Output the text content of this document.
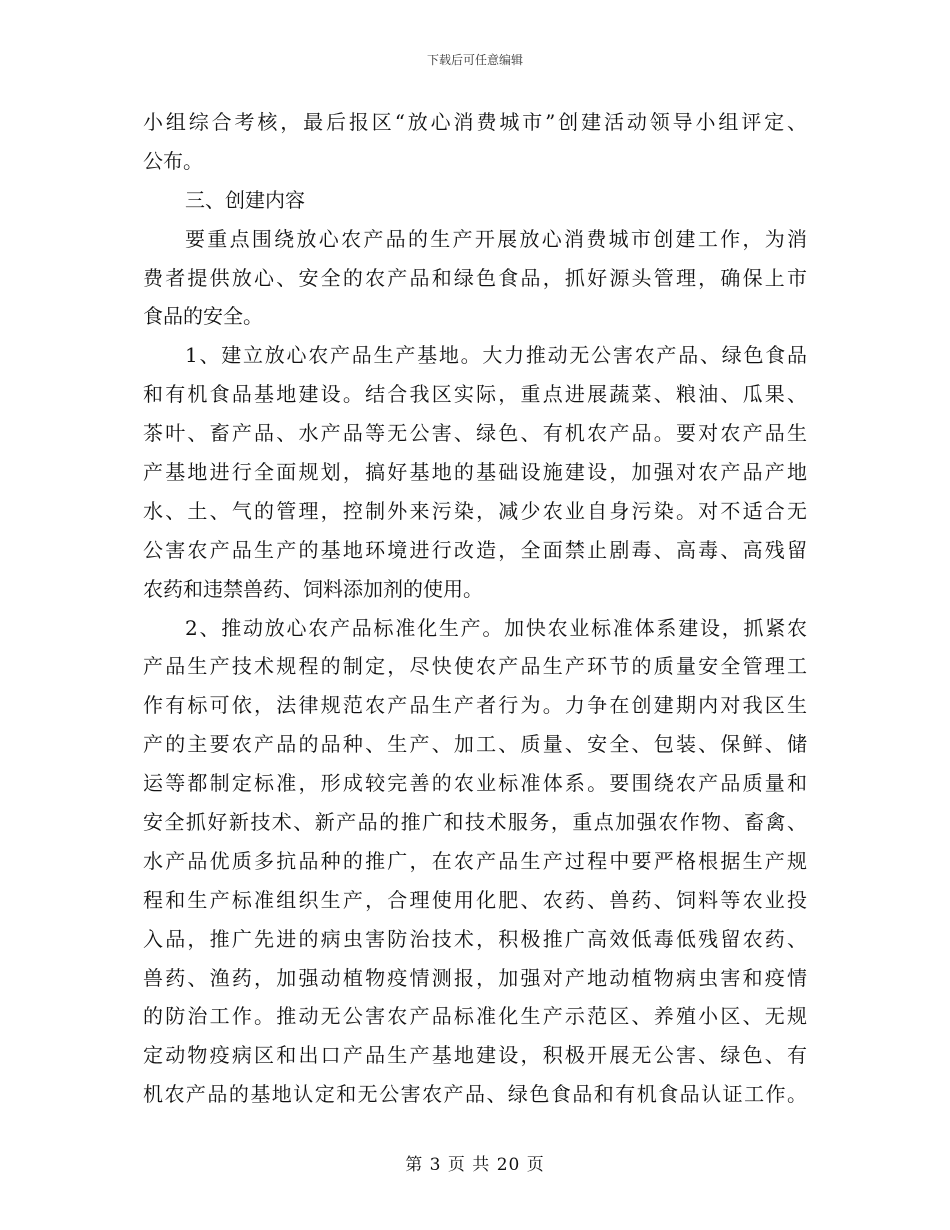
下载后可任意编辑
小组综合考核，最后报区“放心消费城市”创建活动领导小组评定、
公布。
三、创建内容
要重点围绕放心农产品的生产开展放心消费城市创建工作，为消
费者提供放心、安全的农产品和绿色食品，抓好源头管理，确保上市
食品的安全。
1、建立放心农产品生产基地。大力推动无公害农产品、绿色食品
和有机食品基地建设。结合我区实际，重点进展蔬菜、粮油、瓜果、
茶叶、畜产品、水产品等无公害、绿色、有机农产品。要对农产品生
产基地进行全面规划，搞好基地的基础设施建设，加强对农产品产地
水、土、气的管理，控制外来污染，减少农业自身污染。对不适合无
公害农产品生产的基地环境进行改造，全面禁止剧毒、高毒、高残留
农药和违禁兽药、饲料添加剂的使用。
2、推动放心农产品标准化生产。加快农业标准体系建设，抓紧农
产品生产技术规程的制定，尽快使农产品生产环节的质量安全管理工
作有标可依，法律规范农产品生产者行为。力争在创建期内对我区生
产的主要农产品的品种、生产、加工、质量、安全、包装、保鲜、储
运等都制定标准，形成较完善的农业标准体系。要围绕农产品质量和
安全抓好新技术、新产品的推广和技术服务，重点加强农作物、畜禽、
水产品优质多抗品种的推广，在农产品生产过程中要严格根据生产规
程和生产标准组织生产，合理使用化肥、农药、兽药、饲料等农业投
入品，推广先进的病虫害防治技术，积极推广高效低毒低残留农药、
兽药、渔药，加强动植物疫情测报，加强对产地动植物病虫害和疫情
的防治工作。推动无公害农产品标准化生产示范区、养殖小区、无规
定动物疫病区和出口产品生产基地建设，积极开展无公害、绿色、有
机农产品的基地认定和无公害农产品、绿色食品和有机食品认证工作。
第 3 页 共 20 页
